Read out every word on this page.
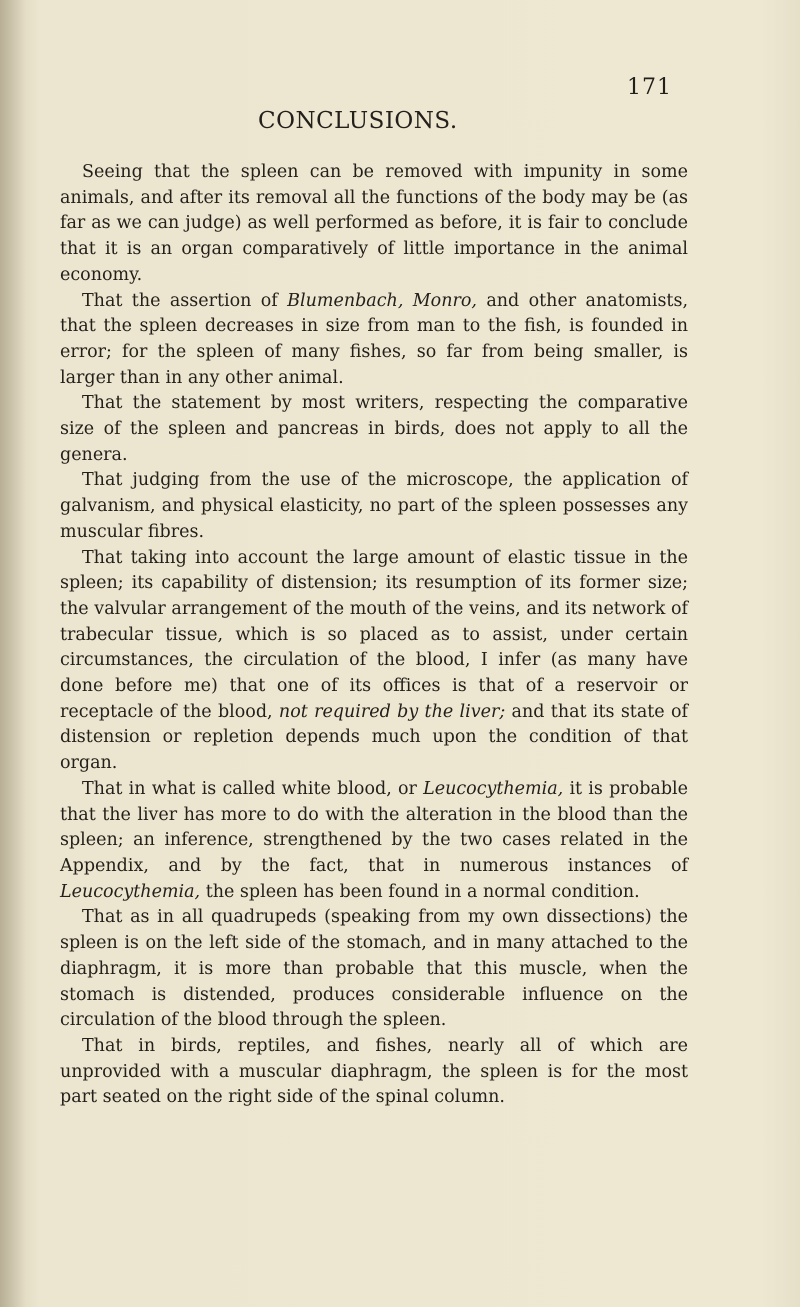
171
CONCLUSIONS.

Seeing that the spleen can be removed with impunity in some animals, and after its removal all the functions of the body may be (as far as we can judge) as well performed as before, it is fair to conclude that it is an organ comparatively of little importance in the animal economy.

That the assertion of Blumenbach, Monro, and other anatomists, that the spleen decreases in size from man to the fish, is founded in error; for the spleen of many fishes, so far from being smaller, is larger than in any other animal.

That the statement by most writers, respecting the comparative size of the spleen and pancreas in birds, does not apply to all the genera.

That judging from the use of the microscope, the application of galvanism, and physical elasticity, no part of the spleen possesses any muscular fibres.

That taking into account the large amount of elastic tissue in the spleen; its capability of distension; its resumption of its former size; the valvular arrangement of the mouth of the veins, and its network of trabecular tissue, which is so placed as to assist, under certain circumstances, the circulation of the blood, I infer (as many have done before me) that one of its offices is that of a reservoir or receptacle of the blood, not required by the liver; and that its state of distension or repletion depends much upon the condition of that organ.

That in what is called white blood, or Leucocythemia, it is probable that the liver has more to do with the alteration in the blood than the spleen; an inference, strengthened by the two cases related in the Appendix, and by the fact, that in numerous instances of Leucocythemia, the spleen has been found in a normal condition.

That as in all quadrupeds (speaking from my own dissections) the spleen is on the left side of the stomach, and in many attached to the diaphragm, it is more than probable that this muscle, when the stomach is distended, produces considerable influence on the circulation of the blood through the spleen.

That in birds, reptiles, and fishes, nearly all of which are unprovided with a muscular diaphragm, the spleen is for the most part seated on the right side of the spinal column.
